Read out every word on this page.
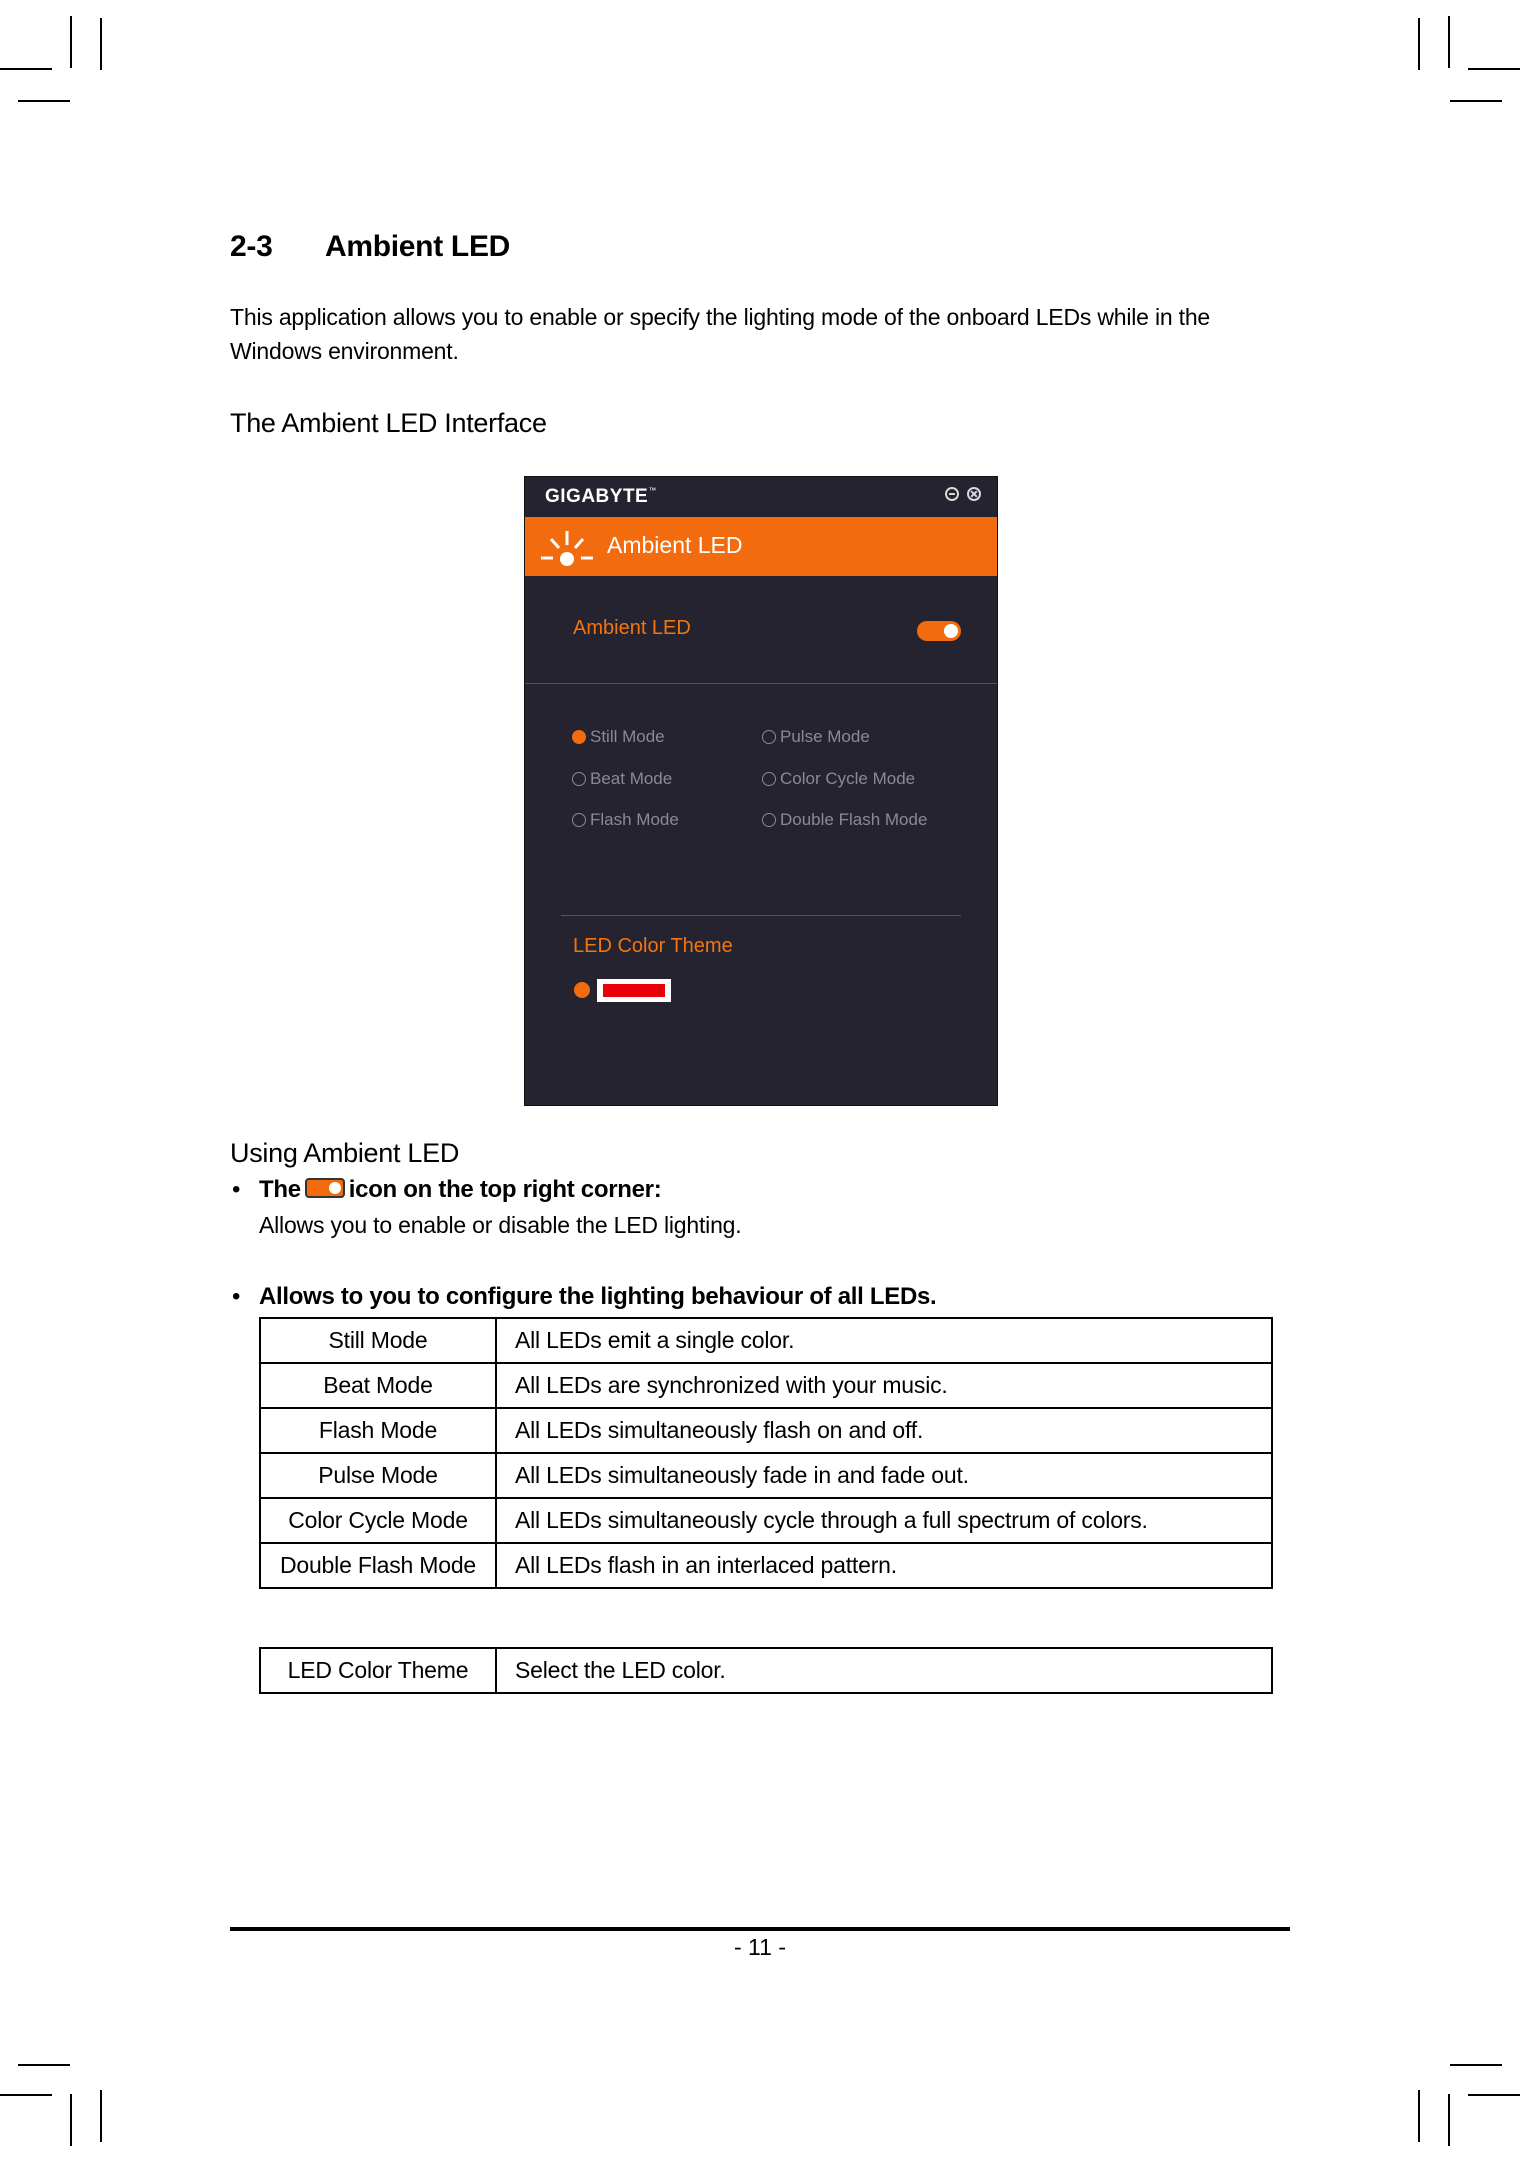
2-3 Ambient LED
This application allows you to enable or specify the lighting mode of the onboard LEDs while in the Windows environment.
The Ambient LED Interface
GIGABYTE™
Ambient LED
Ambient LED
Still Mode
Beat Mode
Flash Mode
Pulse Mode
Color Cycle Mode
Double Flash Mode
LED Color Theme
Using Ambient LED
• The icon on the top right corner:
Allows you to enable or disable the LED lighting.
• Allows to you to configure the lighting behaviour of all LEDs.
Still Mode	All LEDs emit a single color.
Beat Mode	All LEDs are synchronized with your music.
Flash Mode	All LEDs simultaneously flash on and off.
Pulse Mode	All LEDs simultaneously fade in and fade out.
Color Cycle Mode	All LEDs simultaneously cycle through a full spectrum of colors.
Double Flash Mode	All LEDs flash in an interlaced pattern.
LED Color Theme	Select the LED color.
- 11 -
